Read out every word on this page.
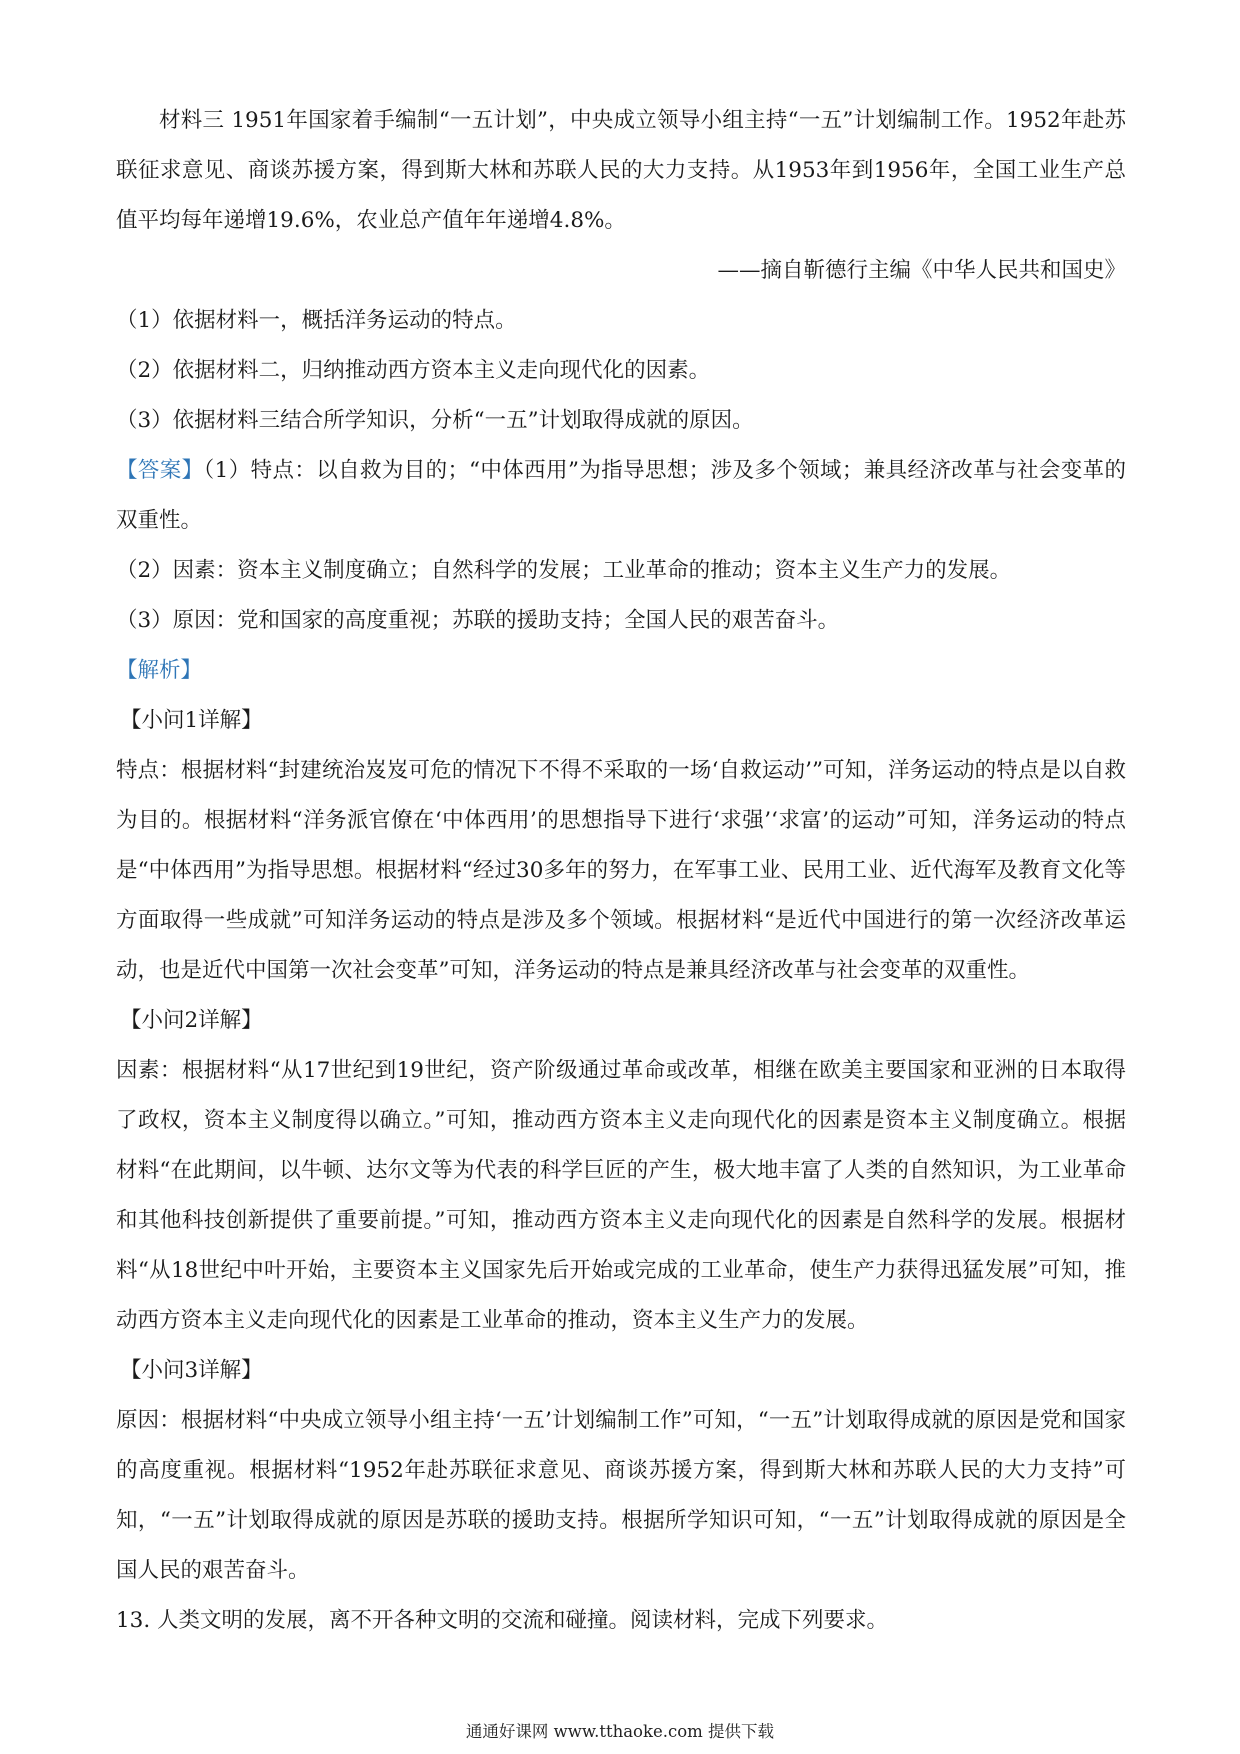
材料三 1951年国家着手编制“一五计划”，中央成立领导小组主持“一五”计划编制工作。1952年赴苏联征求意见、商谈苏援方案，得到斯大林和苏联人民的大力支持。从1953年到1956年，全国工业生产总值平均每年递增19.6%，农业总产值年年递增4.8%。

——摘自靳德行主编《中华人民共和国史》

（1）依据材料一，概括洋务运动的特点。

（2）依据材料二，归纳推动西方资本主义走向现代化的因素。

（3）依据材料三结合所学知识，分析“一五”计划取得成就的原因。

【答案】（1）特点：以自救为目的；“中体西用”为指导思想；涉及多个领域；兼具经济改革与社会变革的双重性。

（2）因素：资本主义制度确立；自然科学的发展；工业革命的推动；资本主义生产力的发展。

（3）原因：党和国家的高度重视；苏联的援助支持；全国人民的艰苦奋斗。

【解析】

【小问1详解】

特点：根据材料“封建统治岌岌可危的情况下不得不采取的一场‘自救运动’”可知，洋务运动的特点是以自救为目的。根据材料“洋务派官僚在‘中体西用’的思想指导下进行‘求强’‘求富’的运动”可知，洋务运动的特点是“中体西用”为指导思想。根据材料“经过30多年的努力，在军事工业、民用工业、近代海军及教育文化等方面取得一些成就”可知洋务运动的特点是涉及多个领域。根据材料“是近代中国进行的第一次经济改革运动，也是近代中国第一次社会变革”可知，洋务运动的特点是兼具经济改革与社会变革的双重性。

【小问2详解】

因素：根据材料“从17世纪到19世纪，资产阶级通过革命或改革，相继在欧美主要国家和亚洲的日本取得了政权，资本主义制度得以确立。”可知，推动西方资本主义走向现代化的因素是资本主义制度确立。根据材料“在此期间，以牛顿、达尔文等为代表的科学巨匠的产生，极大地丰富了人类的自然知识，为工业革命和其他科技创新提供了重要前提。”可知，推动西方资本主义走向现代化的因素是自然科学的发展。根据材料“从18世纪中叶开始，主要资本主义国家先后开始或完成的工业革命，使生产力获得迅猛发展”可知，推动西方资本主义走向现代化的因素是工业革命的推动，资本主义生产力的发展。

【小问3详解】

原因：根据材料“中央成立领导小组主持‘一五’计划编制工作”可知，“一五”计划取得成就的原因是党和国家的高度重视。根据材料“1952年赴苏联征求意见、商谈苏援方案，得到斯大林和苏联人民的大力支持”可知，“一五”计划取得成就的原因是苏联的援助支持。根据所学知识可知，“一五”计划取得成就的原因是全国人民的艰苦奋斗。

13. 人类文明的发展，离不开各种文明的交流和碰撞。阅读材料，完成下列要求。

通通好课网 www.tthaoke.com 提供下载
